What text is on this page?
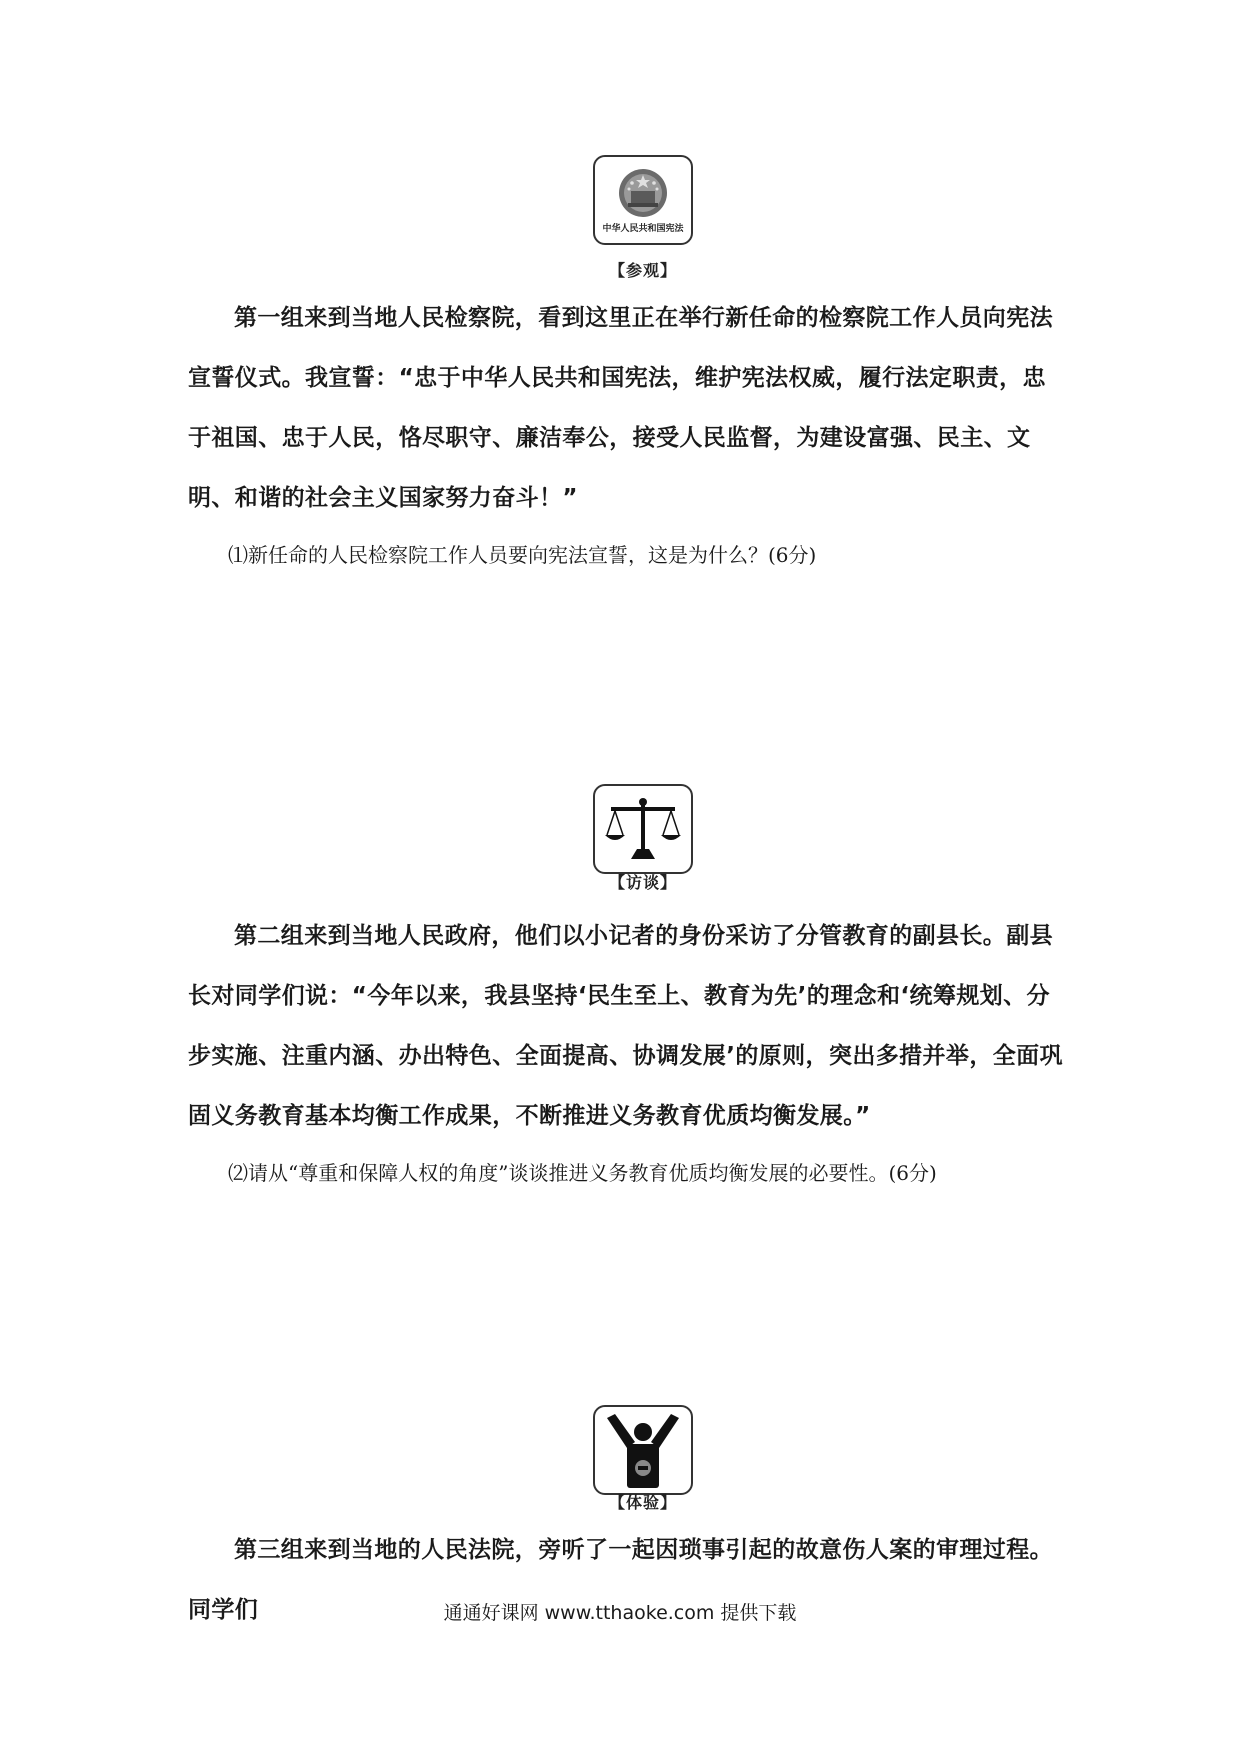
中华人民共和国宪法
【参观】

第一组来到当地人民检察院，看到这里正在举行新任命的检察院工作人员向宪法宣誓仪式。我宣誓：“忠于中华人民共和国宪法，维护宪法权威，履行法定职责，忠于祖国、忠于人民，恪尽职守、廉洁奉公，接受人民监督，为建设富强、民主、文明、和谐的社会主义国家努力奋斗！”

⑴新任命的人民检察院工作人员要向宪法宣誓，这是为什么？(6分)

【访谈】

第二组来到当地人民政府，他们以小记者的身份采访了分管教育的副县长。副县长对同学们说：“今年以来，我县坚持‘民生至上、教育为先’的理念和‘统筹规划、分步实施、注重内涵、办出特色、全面提高、协调发展’的原则，突出多措并举，全面巩固义务教育基本均衡工作成果，不断推进义务教育优质均衡发展。”

⑵请从“尊重和保障人权的角度”谈谈推进义务教育优质均衡发展的必要性。(6分)

【体验】

第三组来到当地的人民法院，旁听了一起因琐事引起的故意伤人案的审理过程。同学们	通通好课网 www.tthaoke.com 提供下载
